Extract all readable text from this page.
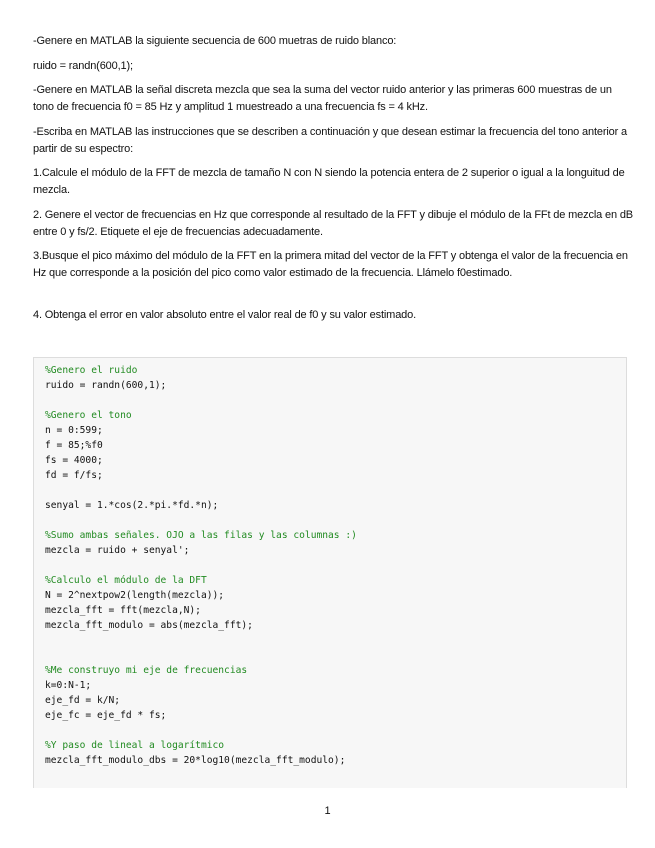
-Genere en MATLAB la siguiente secuencia de 600 muetras de ruido blanco:

ruido = randn(600,1);

-Genere en MATLAB la señal discreta mezcla que sea la suma del vector ruido anterior y las primeras 600 muestras de un tono de frecuencia f0 = 85 Hz y amplitud 1 muestreado a una frecuencia fs = 4 kHz.

-Escriba en MATLAB las instrucciones que se describen a continuación y que desean estimar la frecuencia del tono anterior a partir de su espectro:

1.Calcule el módulo de la FFT de mezcla de tamaño N con N siendo la potencia entera de 2 superior o igual a la longuitud de mezcla.

2. Genere el vector de frecuencias en Hz que corresponde al resultado de la FFT y dibuje el módulo de la FFt de mezcla en dB entre 0 y fs/2. Etiquete el eje de frecuencias adecuadamente.

3.Busque el pico máximo del módulo de la FFT en la primera mitad del vector de la FFT y obtenga el valor de la frecuencia en Hz que corresponde a la posición del pico como valor estimado de la frecuencia. Llámelo f0estimado.

4. Obtenga el error en valor absoluto entre el valor real de f0 y su valor estimado.

%Genero el ruido
ruido = randn(600,1);
%Genero el tono
n = 0:599;
f = 85;%f0
fs = 4000;
fd = f/fs;
senyal = 1.*cos(2.*pi.*fd.*n);
%Sumo ambas señales. OJO a las filas y las columnas :)
mezcla = ruido + senyal';
%Calculo el módulo de la DFT
N = 2^nextpow2(length(mezcla));
mezcla_fft = fft(mezcla,N);
mezcla_fft_modulo = abs(mezcla_fft);
%Me construyo mi eje de frecuencias
k=0:N-1;
eje_fd = k/N;
eje_fc = eje_fd * fs;
%Y paso de lineal a logarítmico
mezcla_fft_modulo_dbs = 20*log10(mezcla_fft_modulo);
1
